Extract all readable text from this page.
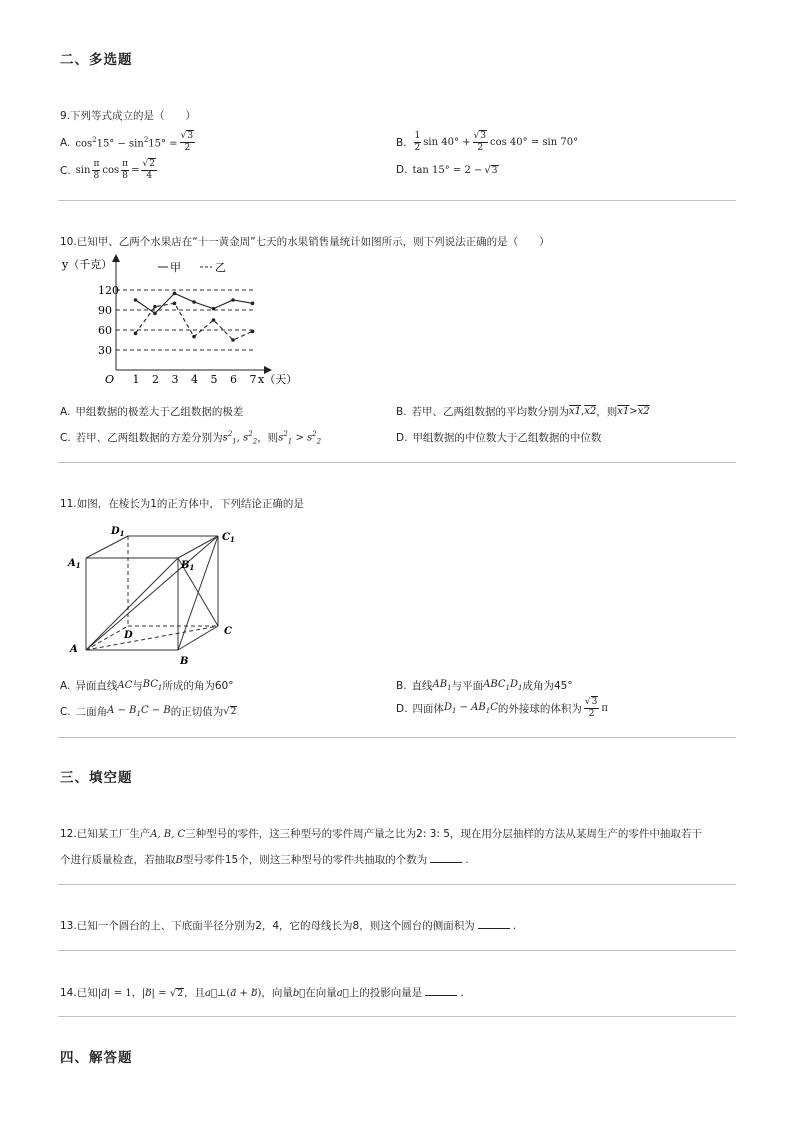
二、多选题
9.下列等式成立的是（　　）
A. $\cos^215^\circ - \sin^215^\circ = \frac{√3}{2}$	B. $\frac{1}{2}$ $\sin 40^\circ + \frac{√3}{2}$ cos 40° = sin 70°
C. $\sin \frac{\pi}{8}$ $\cos \frac{\pi}{8} = \frac{√2}{4}$	D. tan 15° = 2 − √3
10.已知甲、乙两个水果店在“十一黄金周”七天的水果销售量统计如图所示，则下列说法正确的是（　　）
y（千克）
O	x（天）
甲	乙
120
90
60
30
1 2 3 4 5 6 7
A. 甲组数据的极差大于乙组数据的极差	B. 若甲、乙两组数据的平均数分别为 x1 , x2 ，则 x1 > x2
C. 若甲、乙两组数据的方差分别为 $s^2_1$, $s^2_2$ ，则 $s^2_1 > s^2_2$	D. 甲组数据的中位数大于乙组数据的中位数
11.如图，在棱长为1的正方体中，下列结论正确的是
$D_1$	$C_1$
$A_1$	$B_1$
D	C
A
B
A. 异面直线 AC 与 $BC_1$ 所成的角为60°	B. 直线 $AB_1$ 与平面 $ABC_1D_1$ 成角为45°
C. 二面角 $A - B_1C - B$ 的正切值为 √2	D. 四面体 $D_1 - AB_1C$ 的外接球的体积为 $\frac{√3}{2}$ π
三、填空题
12.已知某工厂生产A, B, C三种型号的零件，这三种型号的零件周产量之比为2: 3: 5，现在用分层抽样的方法从某周生产的零件中抽取若干
个进行质量检查，若抽取B型号零件15个，则这三种型号的零件共抽取的个数为	.
13.已知一个圆台的上、下底面半径分别为2，4，它的母线长为8，则这个圆台的侧面积为	.
14.已知|a⃗| = 1，|b⃗| = √2，且a⊥(a⃗ + b⃗)，向量b在向量a上的投影向量是	.
四、解答题
